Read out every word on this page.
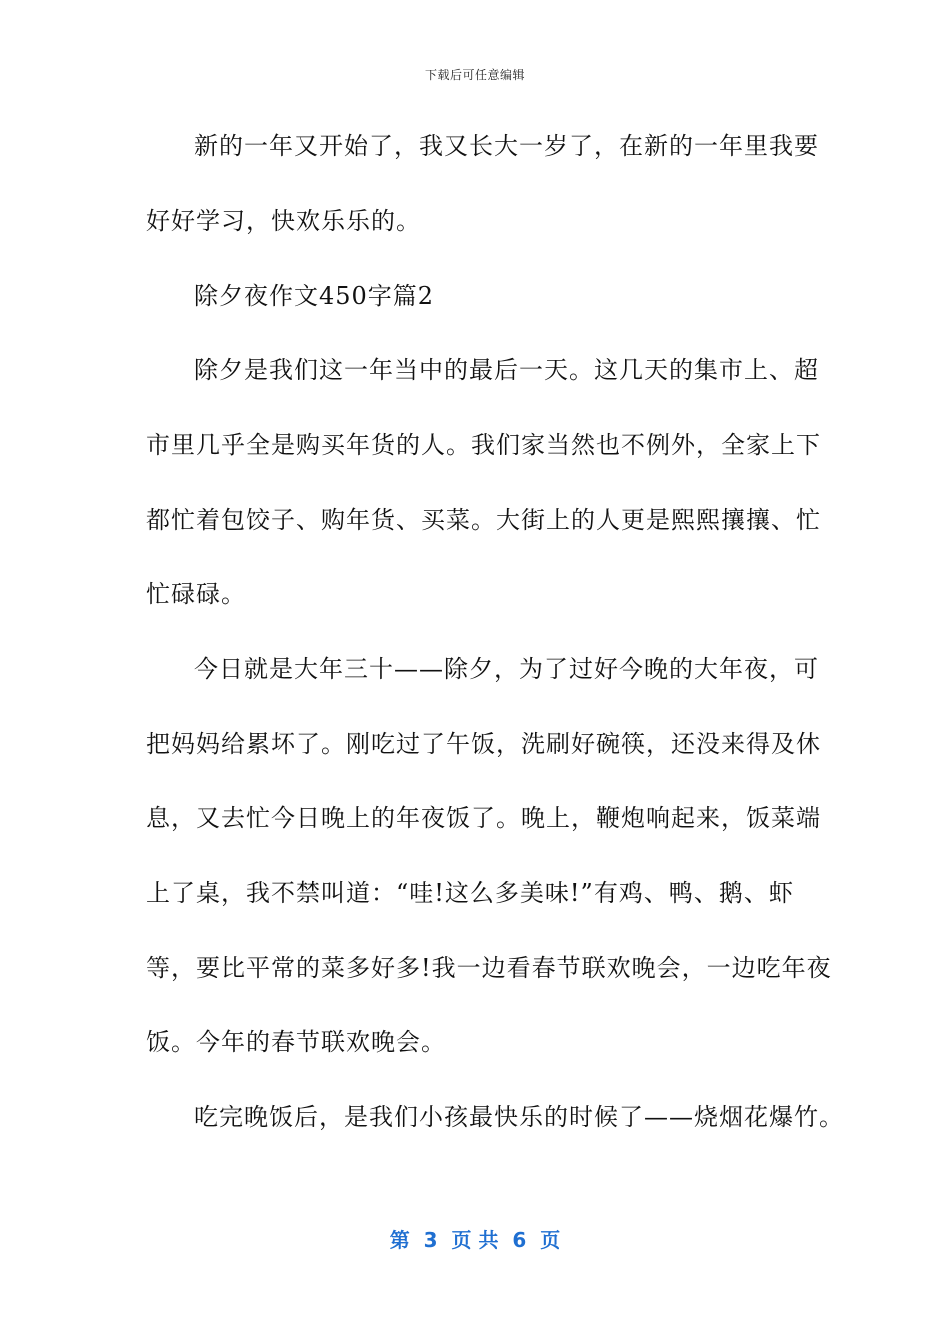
下载后可任意编辑
新的一年又开始了，我又长大一岁了，在新的一年里我要
好好学习，快欢乐乐的。
除夕夜作文450字篇2
除夕是我们这一年当中的最后一天。这几天的集市上、超
市里几乎全是购买年货的人。我们家当然也不例外，全家上下
都忙着包饺子、购年货、买菜。大街上的人更是熙熙攘攘、忙
忙碌碌。
今日就是大年三十——除夕，为了过好今晚的大年夜，可
把妈妈给累坏了。刚吃过了午饭，洗刷好碗筷，还没来得及休
息，又去忙今日晚上的年夜饭了。晚上，鞭炮响起来，饭菜端
上了桌，我不禁叫道：“哇!这么多美味!”有鸡、鸭、鹅、虾
等，要比平常的菜多好多!我一边看春节联欢晚会，一边吃年夜
饭。今年的春节联欢晚会。
吃完晚饭后，是我们小孩最快乐的时候了——烧烟花爆竹。
第  3  页 共  6  页
